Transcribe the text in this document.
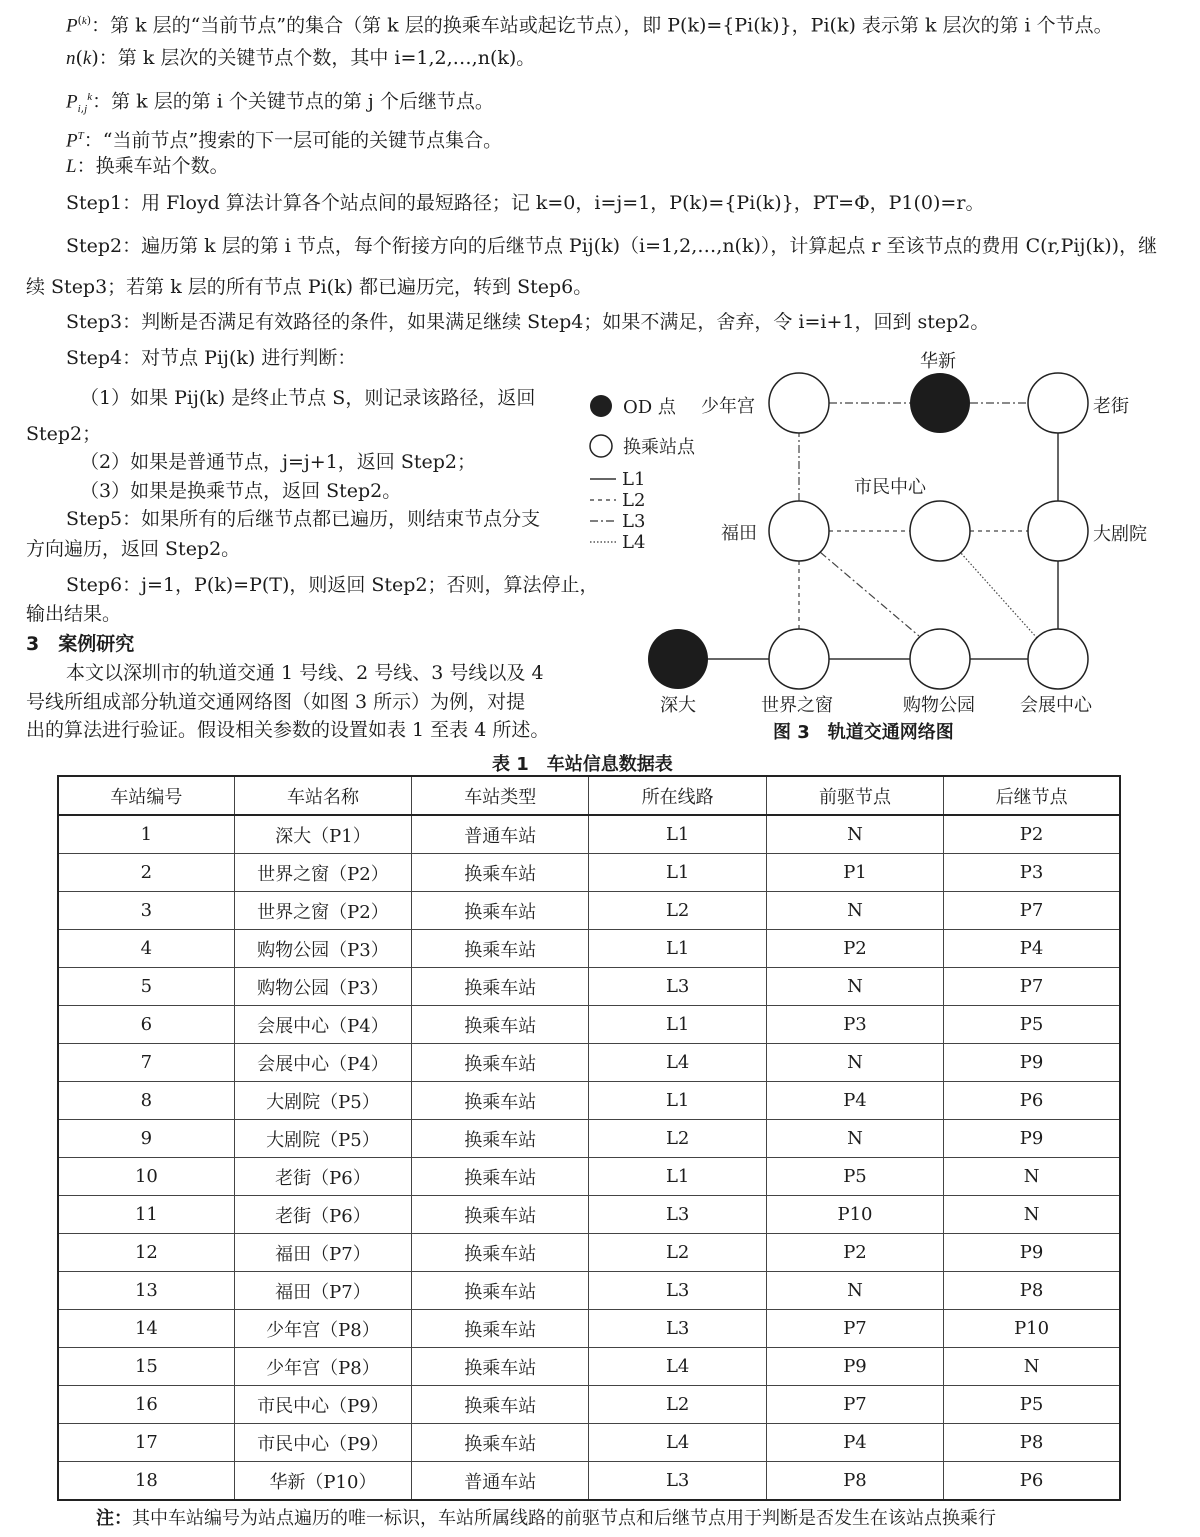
$P^{(k)}$：第 k 层的“当前节点”的集合（第 k 层的换乘车站或起讫节点），即 P(k)={Pi(k)}，Pi(k) 表示第 k 层次的第 i 个节点。
n(k)：第 k 层次的关键节点个数，其中 i=1,2,…,n(k)。
$P_{i,j}^k$：第 k 层的第 i 个关键节点的第 j 个后继节点。
$P^T$：“当前节点”搜索的下一层可能的关键节点集合。
L：换乘车站个数。
Step1：用 Floyd 算法计算各个站点间的最短路径；记 k=0，i=j=1，P(k)={Pi(k)}，PT=Φ，P1(0)=r。
Step2：遍历第 k 层的第 i 节点，每个衔接方向的后继节点 Pij(k)（i=1,2,…,n(k)），计算起点 r 至该节点的费用 C(r,Pij(k))，继
续 Step3；若第 k 层的所有节点 Pi(k) 都已遍历完，转到 Step6。
Step3：判断是否满足有效路径的条件，如果满足继续 Step4；如果不满足，舍弃，令 i=i+1，回到 step2。
Step4：对节点 Pij(k) 进行判断：
（1）如果 Pij(k) 是终止节点 S，则记录该路径，返回
Step2；
（2）如果是普通节点，j=j+1，返回 Step2；
（3）如果是换乘节点，返回 Step2。
Step5：如果所有的后继节点都已遍历，则结束节点分支
方向遍历，返回 Step2。
Step6：j=1，P(k)=P(T)，则返回 Step2；否则，算法停止，
输出结果。
3　案例研究
本文以深圳市的轨道交通 1 号线、2 号线、3 号线以及 4
号线所组成部分轨道交通网络图（如图 3 所示）为例，对提
出的算法进行验证。假设相关参数的设置如表 1 至表 4 所述。
OD 点
换乘站点
L1
L2
L3
L4
少年宫
华新
老街
福田
市民中心
大剧院
深大	世界之窗	购物公园	会展中心
图 3　轨道交通网络图
表 1　车站信息数据表
车站编号	车站名称	车站类型	所在线路	前驱节点	后继节点
1	深大（P1）	普通车站	L1	N	P2
2	世界之窗（P2）	换乘车站	L1	P1	P3
3	世界之窗（P2）	换乘车站	L2	N	P7
4	购物公园（P3）	换乘车站	L1	P2	P4
5	购物公园（P3）	换乘车站	L3	N	P7
6	会展中心（P4）	换乘车站	L1	P3	P5
7	会展中心（P4）	换乘车站	L4	N	P9
8	大剧院（P5）	换乘车站	L1	P4	P6
9	大剧院（P5）	换乘车站	L2	N	P9
10	老街（P6）	换乘车站	L1	P5	N
11	老街（P6）	换乘车站	L3	P10	N
12	福田（P7）	换乘车站	L2	P2	P9
13	福田（P7）	换乘车站	L3	N	P8
14	少年宫（P8）	换乘车站	L3	P7	P10
15	少年宫（P8）	换乘车站	L4	P9	N
16	市民中心（P9）	换乘车站	L2	P7	P5
17	市民中心（P9）	换乘车站	L4	P4	P8
18	华新（P10）	普通车站	L3	P8	P6
注：其中车站编号为站点遍历的唯一标识，车站所属线路的前驱节点和后继节点用于判断是否发生在该站点换乘行
